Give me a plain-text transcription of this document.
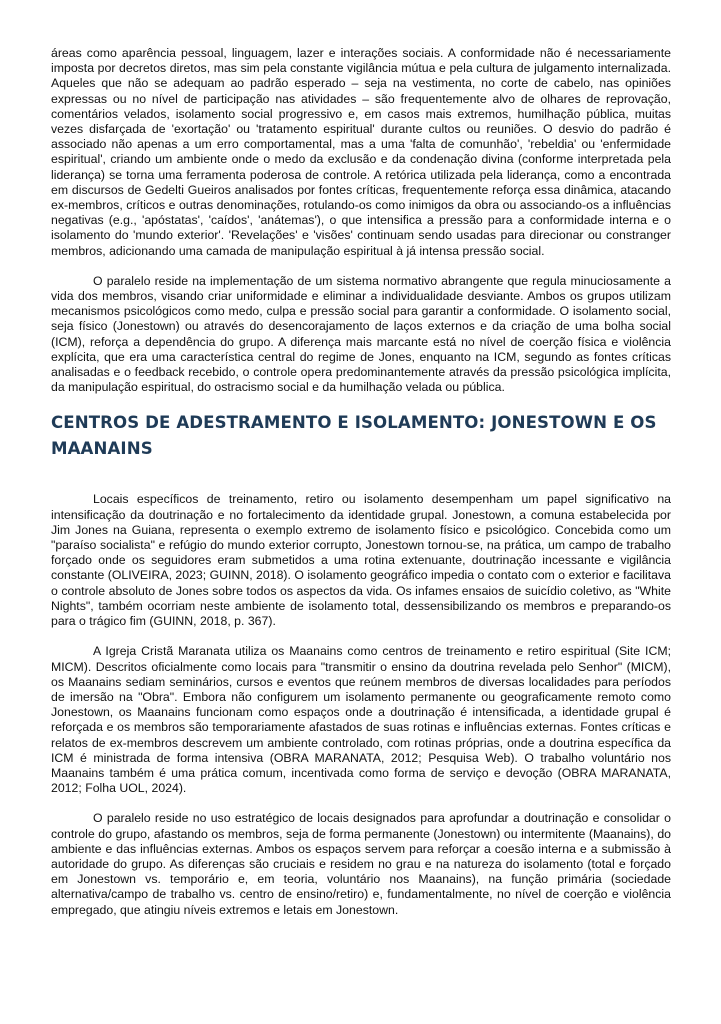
áreas como aparência pessoal, linguagem, lazer e interações sociais. A conformidade não é necessariamente imposta por decretos diretos, mas sim pela constante vigilância mútua e pela cultura de julgamento internalizada. Aqueles que não se adequam ao padrão esperado – seja na vestimenta, no corte de cabelo, nas opiniões expressas ou no nível de participação nas atividades – são frequentemente alvo de olhares de reprovação, comentários velados, isolamento social progressivo e, em casos mais extremos, humilhação pública, muitas vezes disfarçada de 'exortação' ou 'tratamento espiritual' durante cultos ou reuniões. O desvio do padrão é associado não apenas a um erro comportamental, mas a uma 'falta de comunhão', 'rebeldia' ou 'enfermidade espiritual', criando um ambiente onde o medo da exclusão e da condenação divina (conforme interpretada pela liderança) se torna uma ferramenta poderosa de controle. A retórica utilizada pela liderança, como a encontrada em discursos de Gedelti Gueiros analisados por fontes críticas, frequentemente reforça essa dinâmica, atacando ex-membros, críticos e outras denominações, rotulando-os como inimigos da obra ou associando-os a influências negativas (e.g., 'apóstatas', 'caídos', 'anátemas'), o que intensifica a pressão para a conformidade interna e o isolamento do 'mundo exterior'. 'Revelações' e 'visões' continuam sendo usadas para direcionar ou constranger membros, adicionando uma camada de manipulação espiritual à já intensa pressão social.

O paralelo reside na implementação de um sistema normativo abrangente que regula minuciosamente a vida dos membros, visando criar uniformidade e eliminar a individualidade desviante. Ambos os grupos utilizam mecanismos psicológicos como medo, culpa e pressão social para garantir a conformidade. O isolamento social, seja físico (Jonestown) ou através do desencorajamento de laços externos e da criação de uma bolha social (ICM), reforça a dependência do grupo. A diferença mais marcante está no nível de coerção física e violência explícita, que era uma característica central do regime de Jones, enquanto na ICM, segundo as fontes críticas analisadas e o feedback recebido, o controle opera predominantemente através da pressão psicológica implícita, da manipulação espiritual, do ostracismo social e da humilhação velada ou pública.

CENTROS DE ADESTRAMENTO E ISOLAMENTO: JONESTOWN E OS MAANAINS

Locais específicos de treinamento, retiro ou isolamento desempenham um papel significativo na intensificação da doutrinação e no fortalecimento da identidade grupal. Jonestown, a comuna estabelecida por Jim Jones na Guiana, representa o exemplo extremo de isolamento físico e psicológico. Concebida como um "paraíso socialista" e refúgio do mundo exterior corrupto, Jonestown tornou-se, na prática, um campo de trabalho forçado onde os seguidores eram submetidos a uma rotina extenuante, doutrinação incessante e vigilância constante (OLIVEIRA, 2023; GUINN, 2018). O isolamento geográfico impedia o contato com o exterior e facilitava o controle absoluto de Jones sobre todos os aspectos da vida. Os infames ensaios de suicídio coletivo, as "White Nights", também ocorriam neste ambiente de isolamento total, dessensibilizando os membros e preparando-os para o trágico fim (GUINN, 2018, p. 367).

A Igreja Cristã Maranata utiliza os Maanains como centros de treinamento e retiro espiritual (Site ICM; MICM). Descritos oficialmente como locais para "transmitir o ensino da doutrina revelada pelo Senhor" (MICM), os Maanains sediam seminários, cursos e eventos que reúnem membros de diversas localidades para períodos de imersão na "Obra". Embora não configurem um isolamento permanente ou geograficamente remoto como Jonestown, os Maanains funcionam como espaços onde a doutrinação é intensificada, a identidade grupal é reforçada e os membros são temporariamente afastados de suas rotinas e influências externas. Fontes críticas e relatos de ex-membros descrevem um ambiente controlado, com rotinas próprias, onde a doutrina específica da ICM é ministrada de forma intensiva (OBRA MARANATA, 2012; Pesquisa Web). O trabalho voluntário nos Maanains também é uma prática comum, incentivada como forma de serviço e devoção (OBRA MARANATA, 2012; Folha UOL, 2024).

O paralelo reside no uso estratégico de locais designados para aprofundar a doutrinação e consolidar o controle do grupo, afastando os membros, seja de forma permanente (Jonestown) ou intermitente (Maanains), do ambiente e das influências externas. Ambos os espaços servem para reforçar a coesão interna e a submissão à autoridade do grupo. As diferenças são cruciais e residem no grau e na natureza do isolamento (total e forçado em Jonestown vs. temporário e, em teoria, voluntário nos Maanains), na função primária (sociedade alternativa/campo de trabalho vs. centro de ensino/retiro) e, fundamentalmente, no nível de coerção e violência empregado, que atingiu níveis extremos e letais em Jonestown.
